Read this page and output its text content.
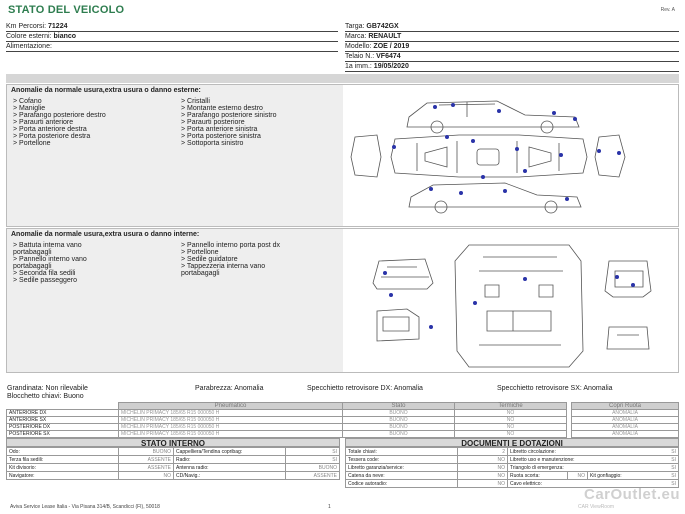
STATO DEL VEICOLO	Rev. A
Km Percorsi: 71224
Colore esterni: bianco
Alimentazione:
Targa: GB742GX
Marca: RENAULT
Modello: ZOE / 2019
Telaio N.: VF6474
1a imm.: 19/05/2020
Anomalie da normale usura,extra usura o danno esterne:
> Cofano
> Maniglie
> Parafango posteriore destro
> Paraurti anteriore
> Porta anteriore destra
> Porta posteriore destra
> Portellone
> Cristalli
> Montante esterno destro
> Parafango posteriore sinistro
> Paraurti posteriore
> Porta anteriore sinistra
> Porta posteriore sinistra
> Sottoporta sinistro
Anomalie da normale usura,extra usura o danno interne:
> Battuta interna vano
portabagagli
> Pannello interno vano
portabagagli
> Seconda fila sedili
> Sedile passeggero
> Pannello interno porta post dx
> Portellone
> Sedile guidatore
> Tappezzeria interna vano
portabagagli
Grandinata: Non rilevabile	Parabrezza: Anomalia	Specchietto retrovisore DX: Anomalia	Specchietto retrovisore SX: Anomalia
Blocchetto chiavi: Buono
	Pneumatico	Stato	Termiche		Copri Ruota
ANTERIORE DX	MICHELIN PRIMACY 185/65 R15 000050 H	BUONO	NO		ANOMALIA
ANTERIORE SX	MICHELIN PRIMACY 185/65 R15 000050 H	BUONO	NO		ANOMALIA
POSTERIORE DX	MICHELIN PRIMACY 185/65 R15 000050 H	BUONO	NO		ANOMALIA
POSTERIORE SX	MICHELIN PRIMACY 185/65 R15 000050 H	BUONO	NO		ANOMALIA
STATO INTERNO
Odo:	BUONO	Cappelliera/Tendina copribag:	SI
Terza fila sedili:	ASSENTE	Radio:	SI
Kit divisorio:	ASSENTE	Antenna radio:	BUONO
Navigatore:	NO	CD/Navig.:	ASSENTE
DOCUMENTI E DOTAZIONI
Totale chiavi:	2	Libretto circolazione: SI		

Tessera code:	NO	Libretto uso e manutenzione: SI		

Libretto garanzia/service:	NO	Triangolo di emergenza: SI		

Catena da neve:	NO	Ruota scorta:	NO	Kit gonfiaggio: SI

Codice autoradio:	NO	Cavo elettrico: SI		
Aviva Service Lease Italia - Via Pisana 314/B, Scandicci (FI), 50018	1	CAR ViewRoom
CarOutlet.eu
